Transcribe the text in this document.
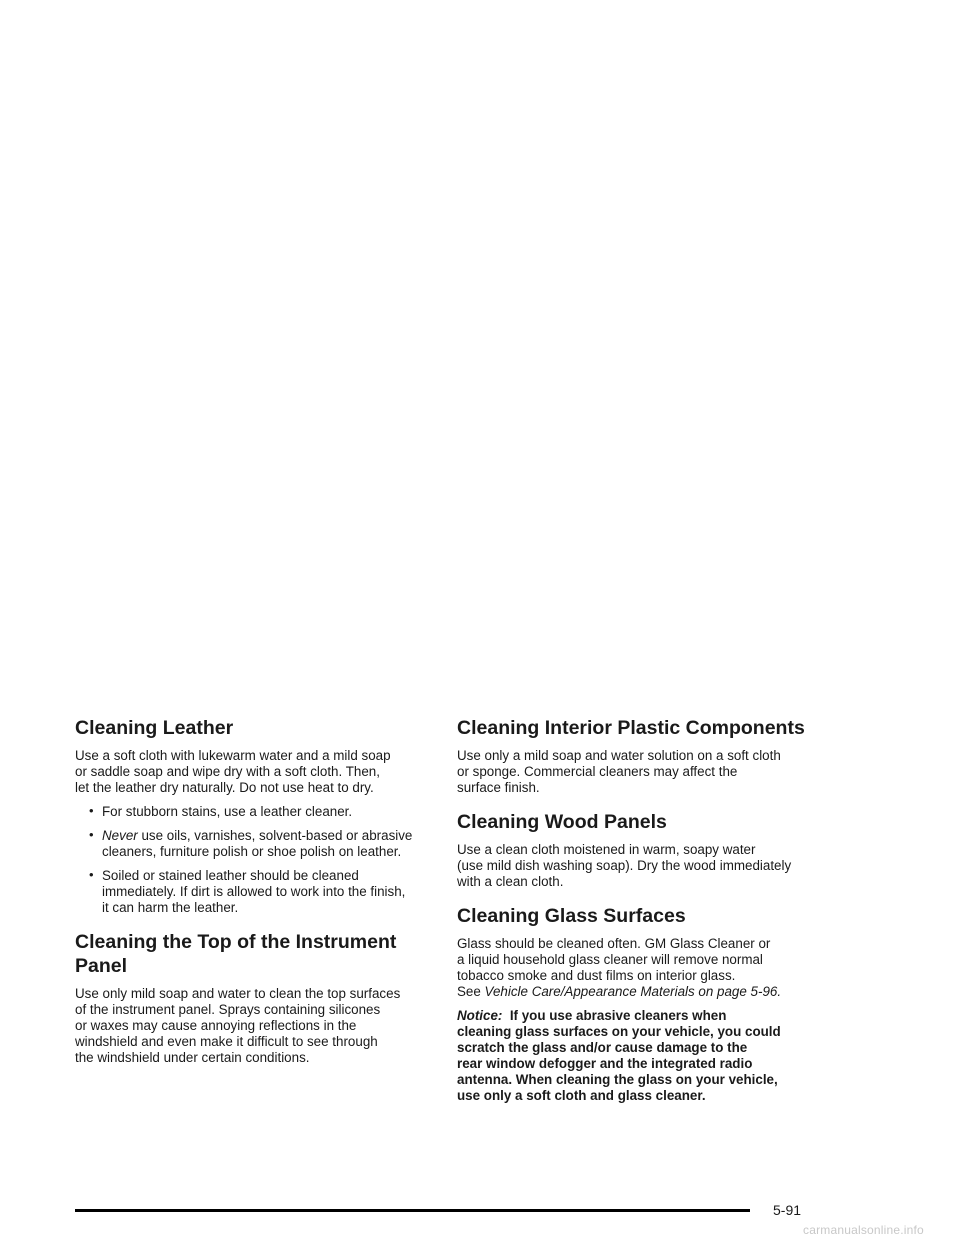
Cleaning Leather

Use a soft cloth with lukewarm water and a mild soap
or saddle soap and wipe dry with a soft cloth. Then,
let the leather dry naturally. Do not use heat to dry.

• For stubborn stains, use a leather cleaner.
• Never use oils, varnishes, solvent-based or abrasive
cleaners, furniture polish or shoe polish on leather.
• Soiled or stained leather should be cleaned
immediately. If dirt is allowed to work into the finish,
it can harm the leather.
Cleaning the Top of the Instrument
Panel

Use only mild soap and water to clean the top surfaces
of the instrument panel. Sprays containing silicones
or waxes may cause annoying reflections in the
windshield and even make it difficult to see through
the windshield under certain conditions.

Cleaning Interior Plastic Components

Use only a mild soap and water solution on a soft cloth
or sponge. Commercial cleaners may affect the
surface finish.

Cleaning Wood Panels

Use a clean cloth moistened in warm, soapy water
(use mild dish washing soap). Dry the wood immediately
with a clean cloth.

Cleaning Glass Surfaces

Glass should be cleaned often. GM Glass Cleaner or
a liquid household glass cleaner will remove normal
tobacco smoke and dust films on interior glass.
See Vehicle Care/Appearance Materials on page 5-96.

Notice:  If you use abrasive cleaners when
cleaning glass surfaces on your vehicle, you could
scratch the glass and/or cause damage to the
rear window defogger and the integrated radio
antenna. When cleaning the glass on your vehicle,
use only a soft cloth and glass cleaner.

5-91
carmanualsonline.info
